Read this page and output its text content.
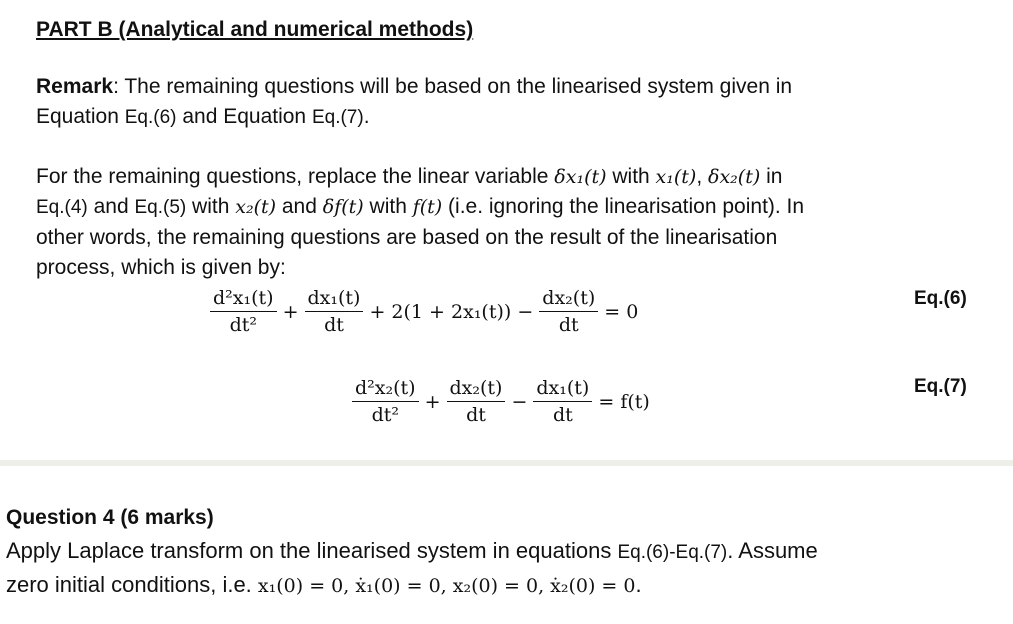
PART B (Analytical and numerical methods)
Remark: The remaining questions will be based on the linearised system given in
Equation Eq.(6) and Equation Eq.(7).
For the remaining questions, replace the linear variable δx₁(t) with x₁(t), δx₂(t) in
Eq.(4) and Eq.(5) with x₂(t) and δf(t) with f(t) (i.e. ignoring the linearisation point). In
other words, the remaining questions are based on the result of the linearisation
process, which is given by:
$\frac{\text{d²x₁(t)}}{\text{dt²}} + \frac{\text{dx₁(t)}}{dt} + 2(1 + 2x_1(t)) - \frac{\text{dx₂(t)}}{dt} = 0$
Eq.(6)
$\frac{\text{d²x₂(t)}}{\text{dt²}} + \frac{\text{dx₂(t)}}{dt} - \frac{\text{dx₁(t)}}{dt} = f(t)$
Eq.(7)
Question 4 (6 marks)
Apply Laplace transform on the linearised system in equations Eq.(6)-Eq.(7). Assume
zero initial conditions, i.e. x₁(0) = 0, ẋ₁(0) = 0, x₂(0) = 0, ẋ₂(0) = 0.
